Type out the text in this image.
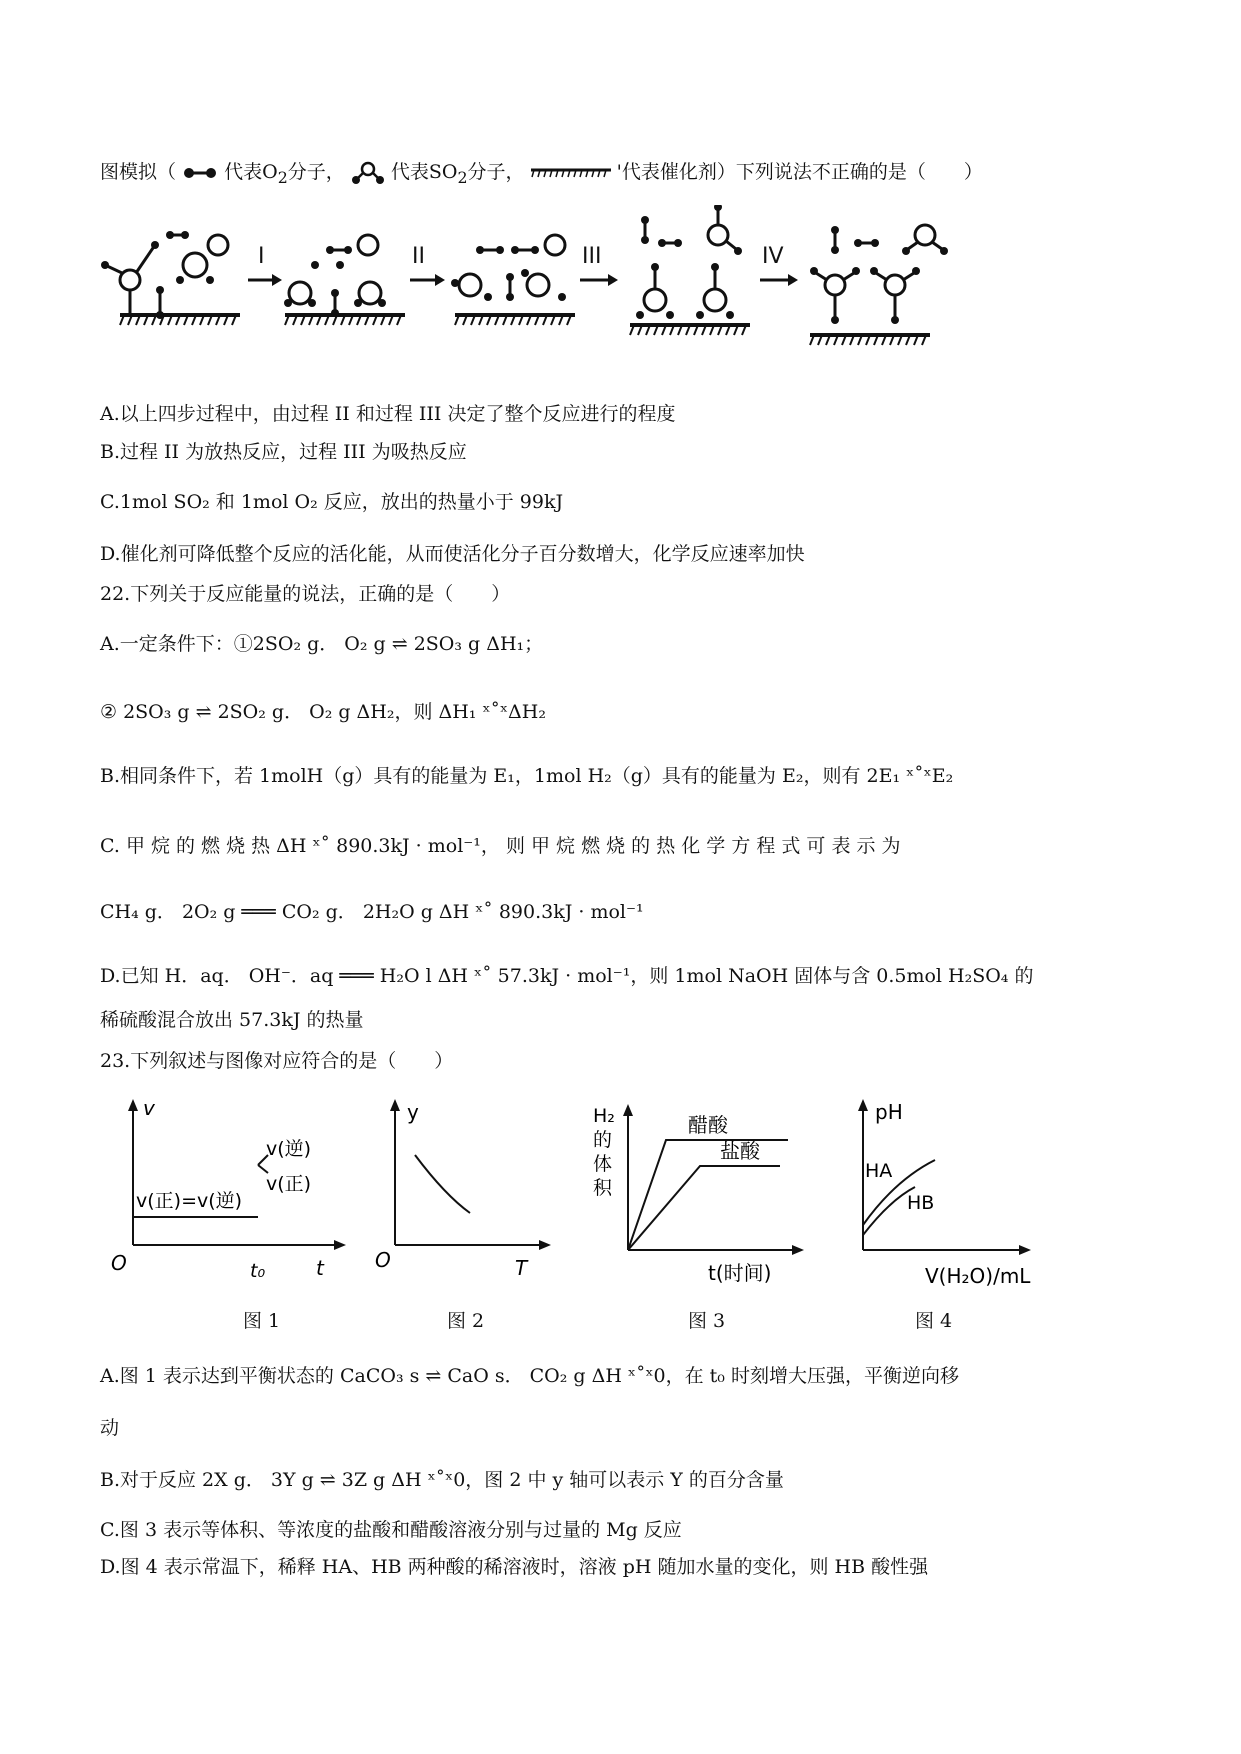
图模拟（	代表$O_2$分子， 代表$SO_2$分子，	'代表催化剂）下列说法不正确的是（　　）
I	II	III	IV
A.以上四步过程中，由过程 II 和过程 III 决定了整个反应进行的程度
B.过程 II 为放热反应，过程 III 为吸热反应
C.1mol SO₂ 和 1mol O₂ 反应，放出的热量小于 99kJ
D.催化剂可降低整个反应的活化能，从而使活化分子百分数增大，化学反应速率加快
22.下列关于反应能量的说法，正确的是（　　）
A.一定条件下：①2SO₂ g． O₂ g ⇌ 2SO₃ g ΔH₁；
② 2SO₃ g ⇌ 2SO₂ g． O₂ g ΔH₂，则 ΔH₁ ˣ˚ˣΔH₂
B.相同条件下，若 1molH（g）具有的能量为 E₁，1mol H₂（g）具有的能量为 E₂，则有 2E₁ ˣ˚ˣE₂
C. 甲 烷 的 燃 烧 热 ΔH ˣ˚ 890.3kJ · mol⁻¹， 则 甲 烷 燃 烧 的 热 化 学 方 程 式 可 表 示 为
CH₄ g． 2O₂ g ═══ CO₂ g． 2H₂O g ΔH ˣ˚ 890.3kJ · mol⁻¹
D.已知 H．aq． OH⁻．aq ═══ H₂O l ΔH ˣ˚ 57.3kJ · mol⁻¹，则 1mol NaOH 固体与含 0.5mol H₂SO₄ 的
稀硫酸混合放出 57.3kJ 的热量
23.下列叙述与图像对应符合的是（　　）
v
t
O	t₀
v(正)=v(逆)
v(逆)
v(正)
y
T
O
H₂
的
体
积
t(时间)
醋酸
盐酸
pH
V(H₂O)/mL
HA
HB
图 1	图 2	图 3	图 4
A.图 1 表示达到平衡状态的 CaCO₃ s ⇌ CaO s． CO₂ g ΔH ˣ˚ˣ0，在 t₀ 时刻增大压强，平衡逆向移
动
B.对于反应 2X g． 3Y g ⇌ 3Z g ΔH ˣ˚ˣ0，图 2 中 y 轴可以表示 Y 的百分含量
C.图 3 表示等体积、等浓度的盐酸和醋酸溶液分别与过量的 Mg 反应
D.图 4 表示常温下，稀释 HA、HB 两种酸的稀溶液时，溶液 pH 随加水量的变化，则 HB 酸性强
